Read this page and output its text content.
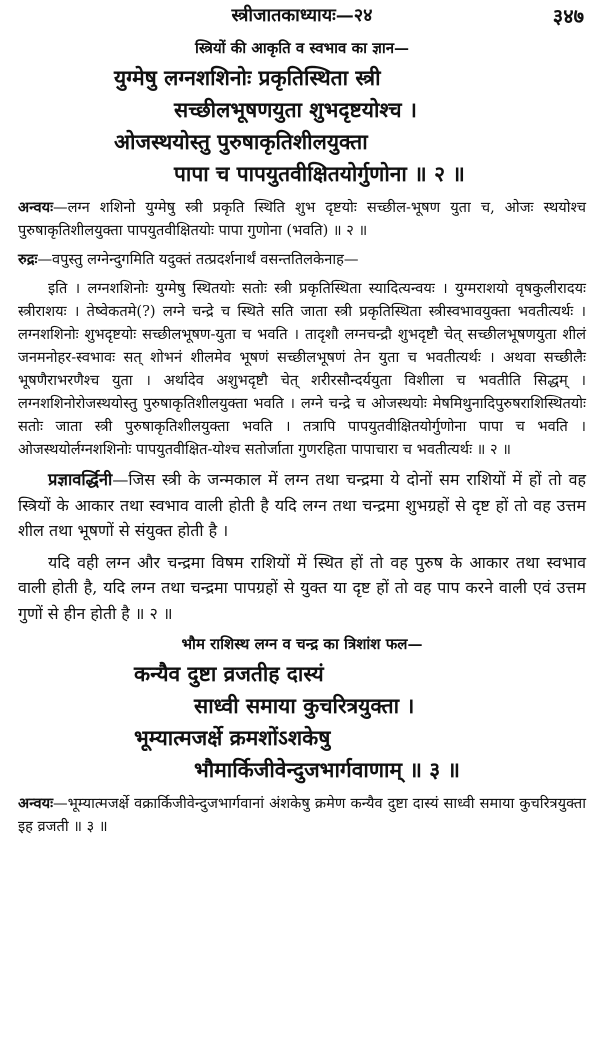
स्त्रीजातकाध्यायः—२४	३४७
स्त्रियों की आकृति व स्वभाव का ज्ञान—
युग्मेषु लग्नशशिनोः प्रकृतिस्थिता स्त्री
सच्छीलभूषणयुता शुभदृष्टयोश्च ।
ओजस्थयोस्तु पुरुषाकृतिशीलयुक्ता
पापा च पापयुतवीक्षितयोर्गुणोना ॥ २ ॥

अन्वयः—लग्न शशिनो युग्मेषु स्त्री प्रकृति स्थिति शुभ दृष्टयोः सच्छील-भूषण युता च, ओजः स्थयोश्च पुरुषाकृतिशीलयुक्ता पापयुतवीक्षितयोः पापा गुणोना (भवति) ॥ २ ॥

रुद्रः—वपुस्तु लग्नेन्दुगमिति यदुक्तं तत्प्रदर्शनार्थं वसन्ततिलकेनाह—

इति । लग्नशशिनोः युग्मेषु स्थितयोः सतोः स्त्री प्रकृतिस्थिता स्यादित्यन्वयः । युग्मराशयो वृषकुलीरादयः स्त्रीराशयः । तेष्वेकतमे(?) लग्ने चन्द्रे च स्थिते सति जाता स्त्री प्रकृतिस्थिता स्त्रीस्वभावयुक्ता भवतीत्यर्थः । लग्नशशिनोः शुभदृष्टयोः सच्छीलभूषण-युता च भवति । तादृशौ लग्नचन्द्रौ शुभदृष्टौ चेत् सच्छीलभूषणयुता शीलं जनमनोहर-स्वभावः सत् शोभनं शीलमेव भूषणं सच्छीलभूषणं तेन युता च भवतीत्यर्थः । अथवा सच्छीलैः भूषणैराभरणैश्च युता । अर्थादेव अशुभदृष्टौ चेत् शरीरसौन्दर्ययुता विशीला च भवतीति सिद्धम् । लग्नशशिनोरोजस्थयोस्तु पुरुषाकृतिशीलयुक्ता भवति । लग्ने चन्द्रे च ओजस्थयोः मेषमिथुनादिपुरुषराशिस्थितयोः सतोः जाता स्त्री पुरुषाकृतिशीलयुक्ता भवति । तत्रापि पापयुतवीक्षितयोर्गुणोना पापा च भवति । ओजस्थयोर्लग्नशशिनोः पापयुतवीक्षित-योश्च सतोर्जाता गुणरहिता पापाचारा च भवतीत्यर्थः ॥ २ ॥

प्रज्ञावर्द्धिनी—जिस स्त्री के जन्मकाल में लग्न तथा चन्द्रमा ये दोनों सम राशियों में हों तो वह स्त्रियों के आकार तथा स्वभाव वाली होती है यदि लग्न तथा चन्द्रमा शुभग्रहों से दृष्ट हों तो वह उत्तम शील तथा भूषणों से संयुक्त होती है ।

यदि वही लग्न और चन्द्रमा विषम राशियों में स्थित हों तो वह पुरुष के आकार तथा स्वभाव वाली होती है, यदि लग्न तथा चन्द्रमा पापग्रहों से युक्त या दृष्ट हों तो वह पाप करने वाली एवं उत्तम गुणों से हीन होती है ॥ २ ॥

भौम राशिस्थ लग्न व चन्द्र का त्रिशांश फल—
कन्यैव दुष्टा व्रजतीह दास्यं
साध्वी समाया कुचरित्रयुक्ता ।
भूम्यात्मजर्क्षे क्रमशोंऽशकेषु
भौमार्किजीवेन्दुजभार्गवाणाम् ॥ ३ ॥

अन्वयः—भूम्यात्मजर्क्षे वक्रार्किजीवेन्दुजभार्गवानां अंशकेषु क्रमेण कन्यैव दुष्टा दास्यं साध्वी समाया कुचरित्रयुक्ता इह व्रजती ॥ ३ ॥
